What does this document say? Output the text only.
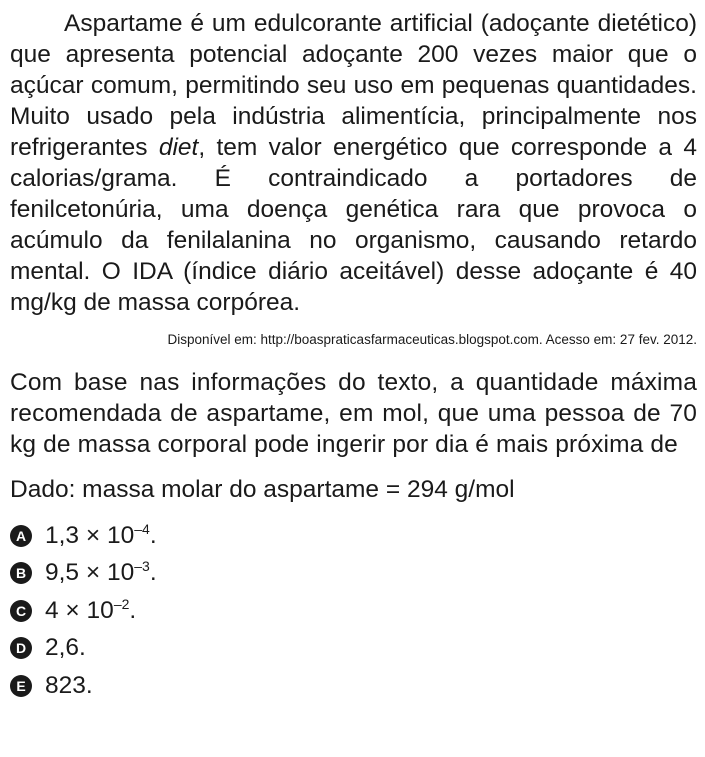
Aspartame é um edulcorante artificial (adoçante dietético) que apresenta potencial adoçante 200 vezes maior que o açúcar comum, permitindo seu uso em pequenas quantidades. Muito usado pela indústria alimentícia, principalmente nos refrigerantes diet, tem valor energético que corresponde a 4 calorias/grama. É contraindicado a portadores de fenilcetonúria, uma doença genética rara que provoca o acúmulo da fenilalanina no organismo, causando retardo mental. O IDA (índice diário aceitável) desse adoçante é 40 mg/kg de massa corpórea.

Disponível em: http://boaspraticasfarmaceuticas.blogspot.com. Acesso em: 27 fev. 2012.

Com base nas informações do texto, a quantidade máxima recomendada de aspartame, em mol, que uma pessoa de 70 kg de massa corporal pode ingerir por dia é mais próxima de

Dado: massa molar do aspartame = 294 g/mol

A $1,3 \times 10^{-4}$.
B $9,5 \times 10^{-3}$.
C $4 \times 10^{-2}$.
D 2,6.
E 823.
